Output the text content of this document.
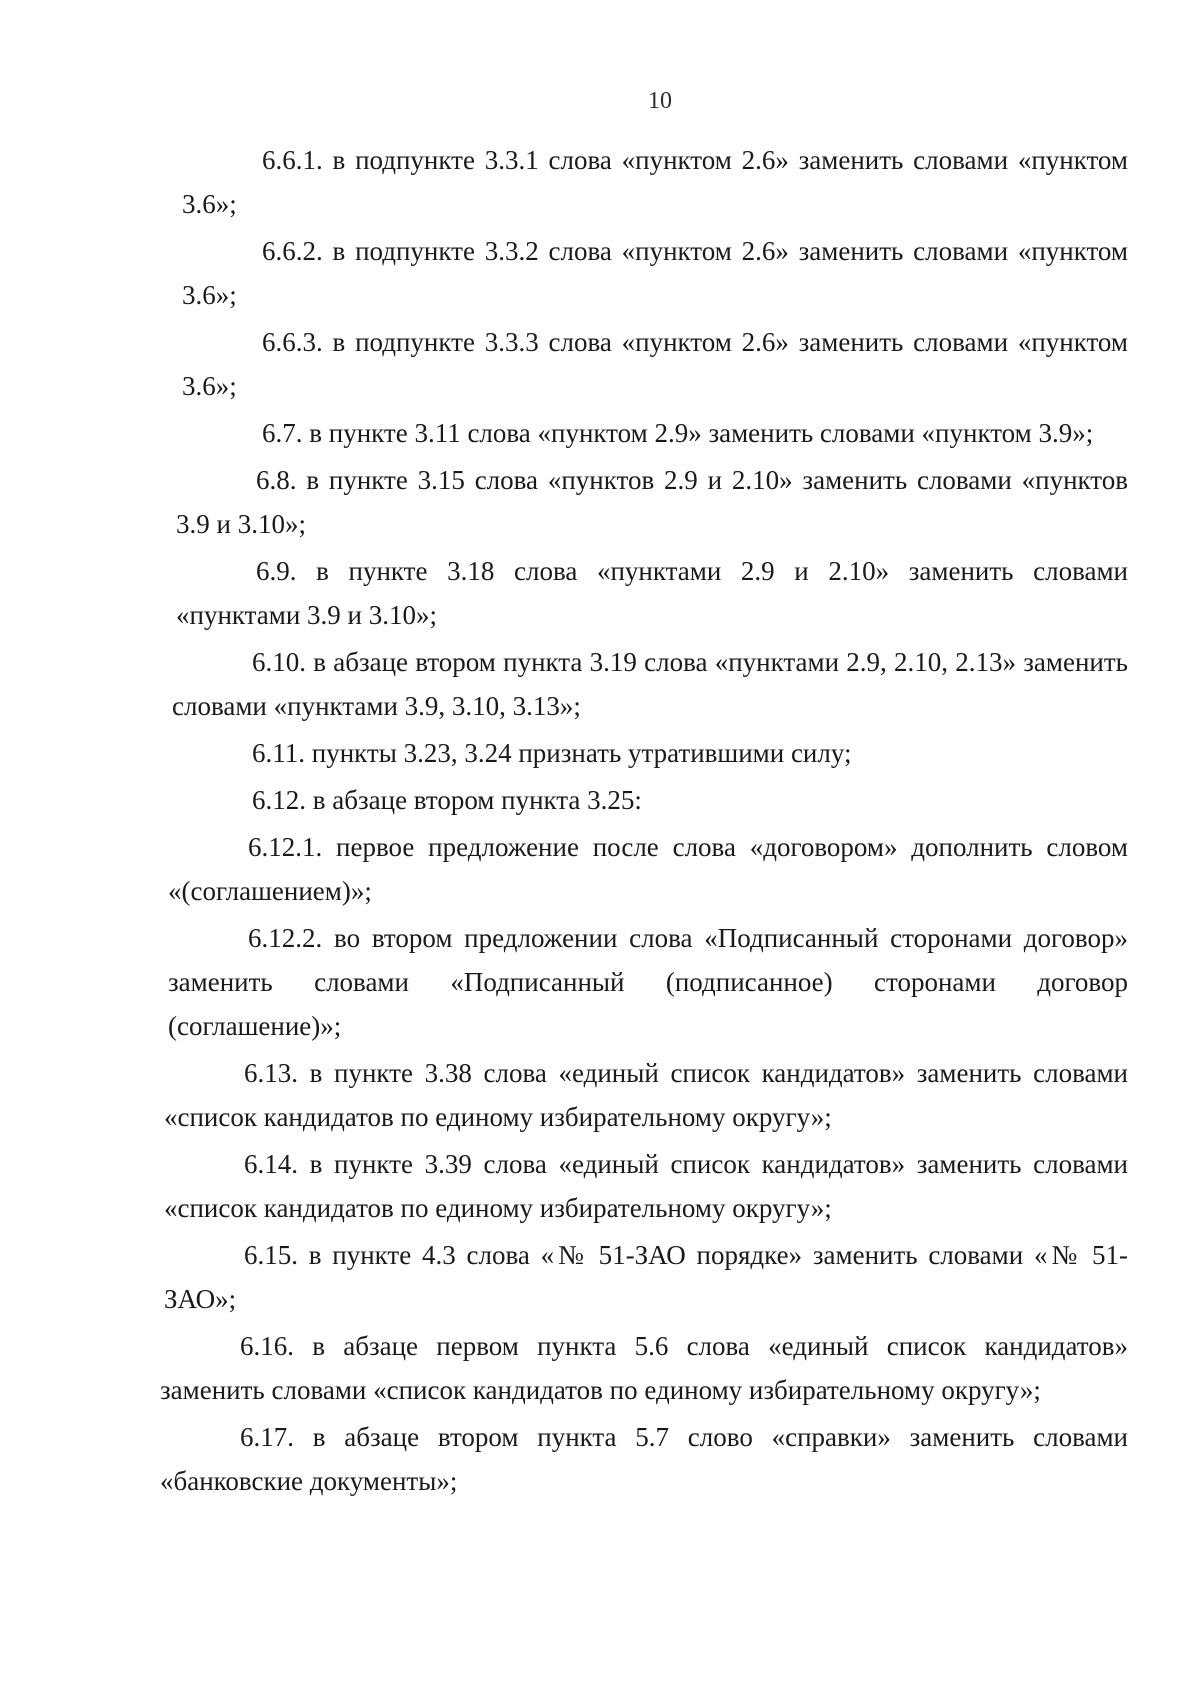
10

6.6.1. в подпункте 3.3.1 слова «пунктом 2.6» заменить словами «пунктом 3.6»;

6.6.2. в подпункте 3.3.2 слова «пунктом 2.6» заменить словами «пунктом 3.6»;

6.6.3. в подпункте 3.3.3 слова «пунктом 2.6» заменить словами «пунктом 3.6»;

6.7. в пункте 3.11 слова «пунктом 2.9» заменить словами «пунктом 3.9»;

6.8. в пункте 3.15 слова «пунктов 2.9 и 2.10» заменить словами «пунктов 3.9 и 3.10»;

6.9. в пункте 3.18 слова «пунктами 2.9 и 2.10» заменить словами «пунктами 3.9 и 3.10»;

6.10. в абзаце втором пункта 3.19 слова «пунктами 2.9, 2.10, 2.13» заменить словами «пунктами 3.9, 3.10, 3.13»;

6.11. пункты 3.23, 3.24 признать утратившими силу;

6.12. в абзаце втором пункта 3.25:

6.12.1. первое предложение после слова «договором» дополнить словом «(соглашением)»;

6.12.2. во втором предложении слова «Подписанный сторонами договор» заменить словами «Подписанный (подписанное) сторонами договор (соглашение)»;

6.13. в пункте 3.38 слова «единый список кандидатов» заменить словами «список кандидатов по единому избирательному округу»;

6.14. в пункте 3.39 слова «единый список кандидатов» заменить словами «список кандидатов по единому избирательному округу»;

6.15. в пункте 4.3 слова «№ 51-ЗАО порядке» заменить словами «№ 51-ЗАО»;

6.16. в абзаце первом пункта 5.6 слова «единый список кандидатов» заменить словами «список кандидатов по единому избирательному округу»;

6.17. в абзаце втором пункта 5.7 слово «справки» заменить словами «банковские документы»;
